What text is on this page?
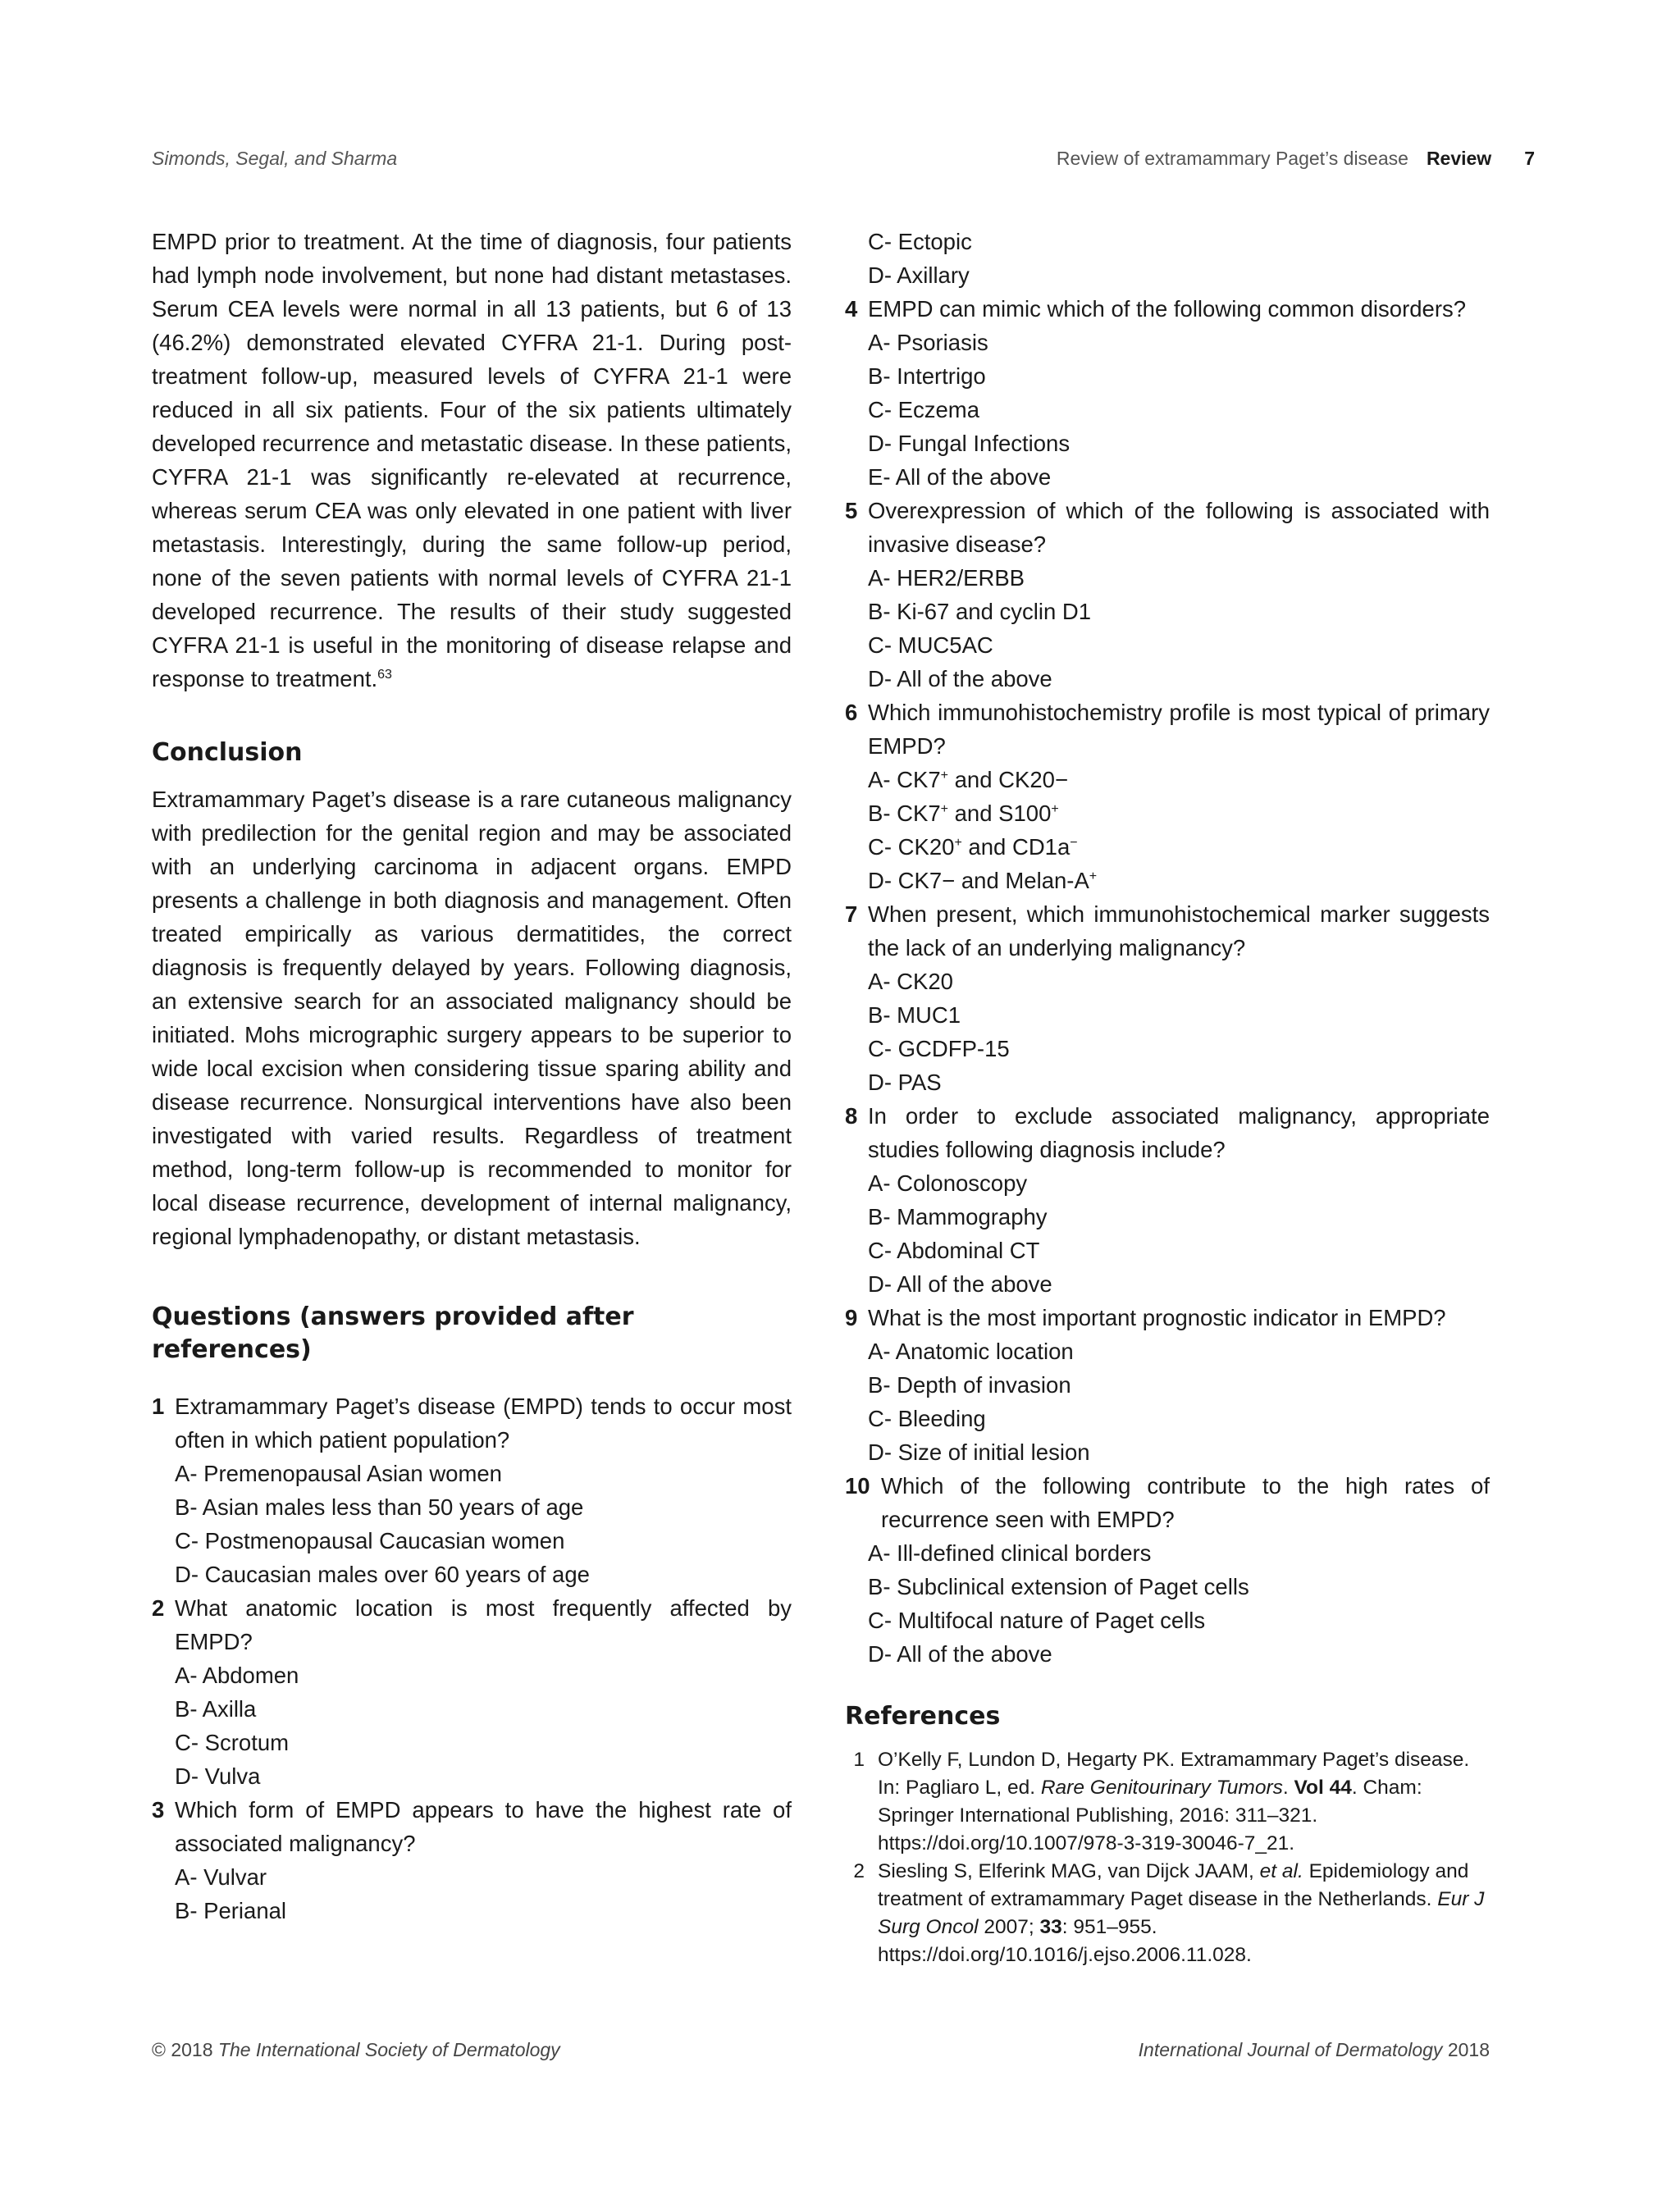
Simonds, Segal, and Sharma	Review of extramammary Paget’s disease Review 7

EMPD prior to treatment. At the time of diagnosis, four patients had lymph node involvement, but none had distant metastases. Serum CEA levels were normal in all 13 patients, but 6 of 13 (46.2%) demonstrated elevated CYFRA 21-1. During post-treatment follow-up, measured levels of CYFRA 21-1 were reduced in all six patients. Four of the six patients ultimately developed recurrence and metastatic disease. In these patients, CYFRA 21-1 was significantly re-elevated at recurrence, whereas serum CEA was only elevated in one patient with liver metastasis. Interestingly, during the same follow-up period, none of the seven patients with normal levels of CYFRA 21-1 developed recurrence. The results of their study suggested CYFRA 21-1 is useful in the monitoring of disease relapse and response to treatment.$^{63}$

Conclusion

Extramammary Paget’s disease is a rare cutaneous malignancy with predilection for the genital region and may be associated with an underlying carcinoma in adjacent organs. EMPD presents a challenge in both diagnosis and management. Often treated empirically as various dermatitides, the correct diagnosis is frequently delayed by years. Following diagnosis, an extensive search for an associated malignancy should be initiated. Mohs micrographic surgery appears to be superior to wide local excision when considering tissue sparing ability and disease recurrence. Nonsurgical interventions have also been investigated with varied results. Regardless of treatment method, long-term follow-up is recommended to monitor for local disease recurrence, development of internal malignancy, regional lymphadenopathy, or distant metastasis.

Questions (answers provided after
references)
1 Extramammary Paget’s disease (EMPD) tends to occur most often in which patient population?
A- Premenopausal Asian women
B- Asian males less than 50 years of age
C- Postmenopausal Caucasian women
D- Caucasian males over 60 years of age
2 What anatomic location is most frequently affected by EMPD?
A- Abdomen
B- Axilla
C- Scrotum
D- Vulva
3 Which form of EMPD appears to have the highest rate of associated malignancy?
A- Vulvar
B- Perianal
C- Ectopic
D- Axillary
4 EMPD can mimic which of the following common disorders?
A- Psoriasis
B- Intertrigo
C- Eczema
D- Fungal Infections
E- All of the above
5 Overexpression of which of the following is associated with invasive disease?
A- HER2/ERBB
B- Ki-67 and cyclin D1
C- MUC5AC
D- All of the above
6 Which immunohistochemistry profile is most typical of primary EMPD?
A- CK7+ and CK20−
B- CK7+ and S100+
C- CK20+ and CD1a−
D- CK7− and Melan-A+
7 When present, which immunohistochemical marker suggests the lack of an underlying malignancy?
A- CK20
B- MUC1
C- GCDFP-15
D- PAS
8 In order to exclude associated malignancy, appropriate studies following diagnosis include?
A- Colonoscopy
B- Mammography
C- Abdominal CT
D- All of the above
9 What is the most important prognostic indicator in EMPD?
A- Anatomic location
B- Depth of invasion
C- Bleeding
D- Size of initial lesion
10 Which of the following contribute to the high rates of recurrence seen with EMPD?
A- Ill-defined clinical borders
B- Subclinical extension of Paget cells
C- Multifocal nature of Paget cells
D- All of the above
References
1 O’Kelly F, Lundon D, Hegarty PK. Extramammary Paget’s disease. In: Pagliaro L, ed. Rare Genitourinary Tumors. Vol 44. Cham: Springer International Publishing, 2016: 311–321. https://doi.org/10.1007/978-3-319-30046-7_21.
2 Siesling S, Elferink MAG, van Dijck JAAM, et al. Epidemiology and treatment of extramammary Paget disease in the Netherlands. Eur J Surg Oncol 2007; 33: 951–955. https://doi.org/10.1016/j.ejso.2006.11.028.
© 2018 The International Society of Dermatology	International Journal of Dermatology 2018
